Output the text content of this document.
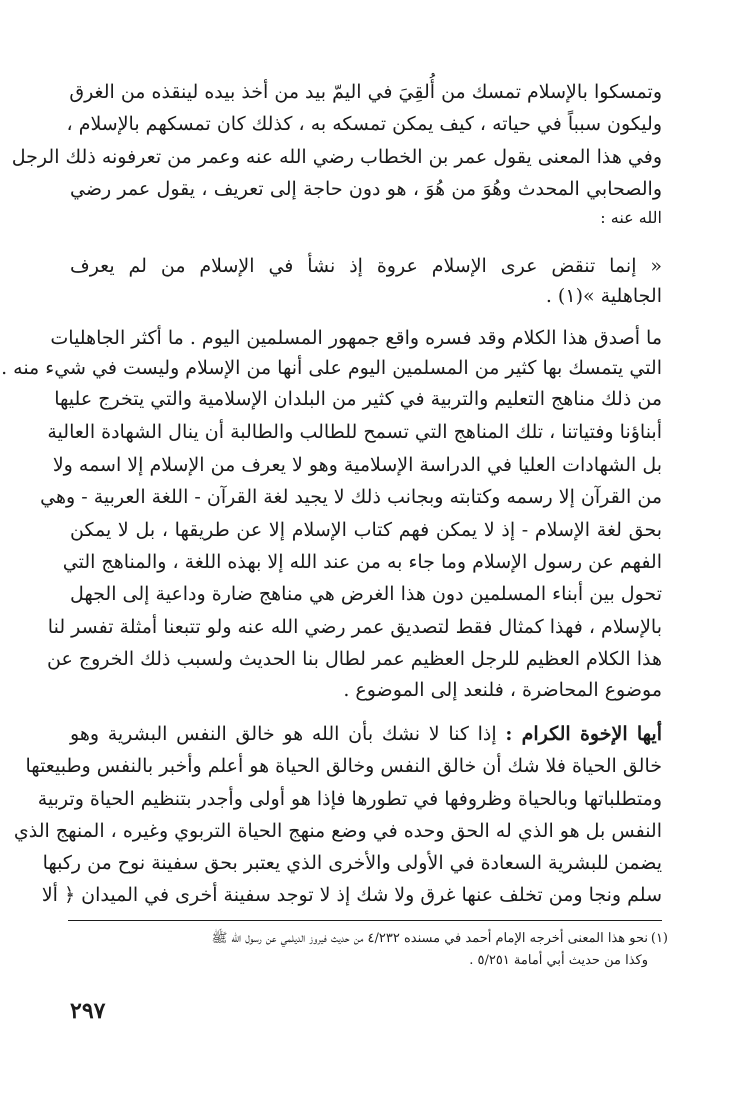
وتمسكوا بالإسلام تمسك من أُلقِيَ في اليمّ بيد من أخذ بيده لينقذه من الغرق
وليكون سبباً في حياته ، كيف يمكن تمسكه به ، كذلك كان تمسكهم بالإسلام ،
وفي هذا المعنى يقول عمر بن الخطاب رضي الله عنه وعمر من تعرفونه ذلك الرجل
والصحابي المحدث وهُوَ من هُوَ ، هو دون حاجة إلى تعريف ، يقول عمر رضي
الله عنه :
« إنما تنقض عرى الإسلام عروة إذ نشأ في الإسلام من لم يعرف
الجاهلية »(١) .
ما أصدق هذا الكلام وقد فسره واقع جمهور المسلمين اليوم . ما أكثر الجاهليات
التي يتمسك بها كثير من المسلمين اليوم على أنها من الإسلام وليست في شيء منه .
من ذلك مناهج التعليم والتربية في كثير من البلدان الإسلامية والتي يتخرج عليها
أبناؤنا وفتياتنا ، تلك المناهج التي تسمح للطالب والطالبة أن ينال الشهادة العالية
بل الشهادات العليا في الدراسة الإسلامية وهو لا يعرف من الإسلام إلا اسمه ولا
من القرآن إلا رسمه وكتابته وبجانب ذلك لا يجيد لغة القرآن - اللغة العربية - وهي
بحق لغة الإسلام - إذ لا يمكن فهم كتاب الإسلام إلا عن طريقها ، بل لا يمكن
الفهم عن رسول الإسلام وما جاء به من عند الله إلا بهذه اللغة ، والمناهج التي
تحول بين أبناء المسلمين دون هذا الغرض هي مناهج ضارة وداعية إلى الجهل
بالإسلام ، فهذا كمثال فقط لتصديق عمر رضي الله عنه ولو تتبعنا أمثلة تفسر لنا
هذا الكلام العظيم للرجل العظيم عمر لطال بنا الحديث ولسبب ذلك الخروج عن
موضوع المحاضرة ، فلنعد إلى الموضوع .
أيها الإخوة الكرام : إذا كنا لا نشك بأن الله هو خالق النفس البشرية وهو
خالق الحياة فلا شك أن خالق النفس وخالق الحياة هو أعلم وأخبر بالنفس وطبيعتها
ومتطلباتها وبالحياة وظروفها في تطورها فإذا هو أولى وأجدر بتنظيم الحياة وتربية
النفس بل هو الذي له الحق وحده في وضع منهج الحياة التربوي وغيره ، المنهج الذي
يضمن للبشرية السعادة في الأولى والأخرى الذي يعتبر بحق سفينة نوح من ركبها
سلم ونجا ومن تخلف عنها غرق ولا شك إذ لا توجد سفينة أخرى في الميدان ﴿ ألا
(١)
نحو هذا المعنى أخرجه الإمام أحمد في مسنده ٤/٢٣٢ من حديث فيروز الديلمي عن رسول الله ﷺ
وكذا من حديث أبي أمامة ٥/٢٥١ .
٢٩٧
